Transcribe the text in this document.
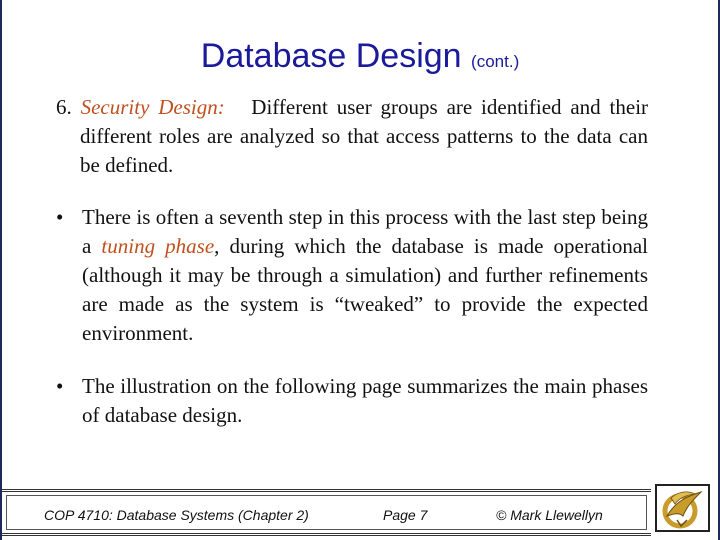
Database Design (cont.)

6. Security Design: Different user groups are identified and their different roles are analyzed so that access patterns to the data can be defined.

• There is often a seventh step in this process with the last step being a tuning phase, during which the database is made operational (although it may be through a simulation) and further refinements are made as the system is “tweaked” to provide the expected environment.

• The illustration on the following page summarizes the main phases of database design.

COP 4710: Database Systems (Chapter 2)	Page 7	© Mark Llewellyn
